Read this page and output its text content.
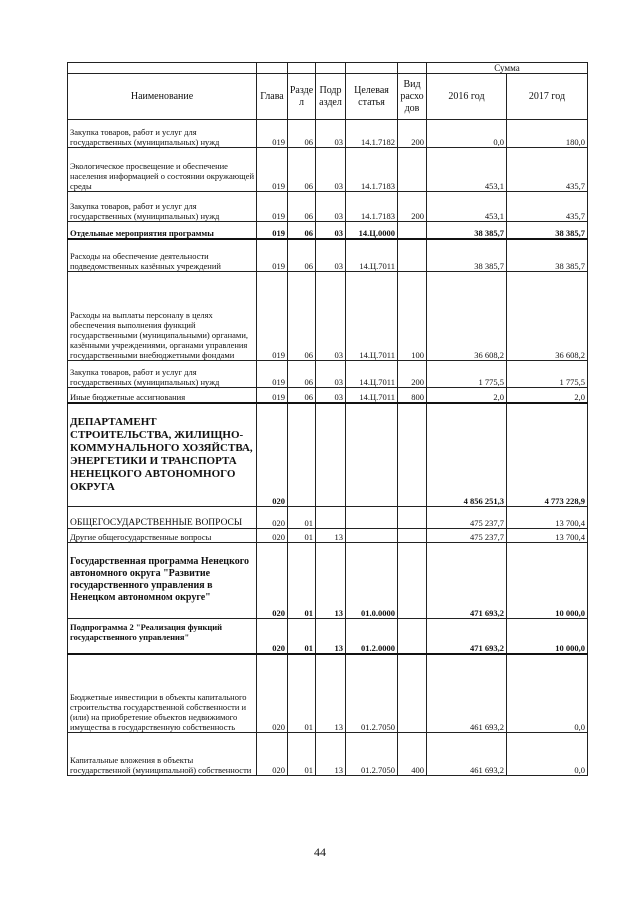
						Сумма	
Наименование	Глава	Разде л	Подр аздел	Целевая статья	Вид расхо дов	2016 год	2017 год
Закупка товаров, работ и услуг для государственных (муниципальных) нужд	019	06	03	14.1.7182	200	0,0	180,0
Экологическое просвещение и обеспечение населения информацией о состоянии окружающей среды	019	06	03	14.1.7183		453,1	435,7
Закупка товаров, работ и услуг для государственных (муниципальных) нужд	019	06	03	14.1.7183	200	453,1	435,7
Отдельные мероприятия программы	019	06	03	14.Ц.0000		38 385,7	38 385,7
Расходы на обеспечение деятельности подведомственных казённых учреждений	019	06	03	14.Ц.7011		38 385,7	38 385,7
Расходы на выплаты персоналу в целях обеспечения выполнения функций государственными (муниципальными) органами, казёнными учреждениями, органами управления государственными внебюджетными фондами	019	06	03	14.Ц.7011	100	36 608,2	36 608,2
Закупка товаров, работ и услуг для государственных (муниципальных) нужд	019	06	03	14.Ц.7011	200	1 775,5	1 775,5
Иные бюджетные ассигнования	019	06	03	14.Ц.7011	800	2,0	2,0
ДЕПАРТАМЕНТ СТРОИТЕЛЬСТВА, ЖИЛИЩНО-КОММУНАЛЬНОГО ХОЗЯЙСТВА, ЭНЕРГЕТИКИ И ТРАНСПОРТА НЕНЕЦКОГО АВТОНОМНОГО ОКРУГА	020					4 856 251,3	4 773 228,9
ОБЩЕГОСУДАРСТВЕННЫЕ ВОПРОСЫ	020	01				475 237,7	13 700,4
Другие общегосударственные вопросы	020	01	13			475 237,7	13 700,4
Государственная программа Ненецкого автономного округа "Развитие государственного управления в Ненецком автономном округе"	020	01	13	01.0.0000		471 693,2	10 000,0
Подпрограмма 2 "Реализация функций государственного управления"	020	01	13	01.2.0000		471 693,2	10 000,0
Бюджетные инвестиции в объекты капитального строительства государственной собственности и (или) на приобретение объектов недвижимого имущества в государственную собственность	020	01	13	01.2.7050		461 693,2	0,0
Капитальные вложения в объекты государственной (муниципальной) собственности	020	01	13	01.2.7050	400	461 693,2	0,0
44
